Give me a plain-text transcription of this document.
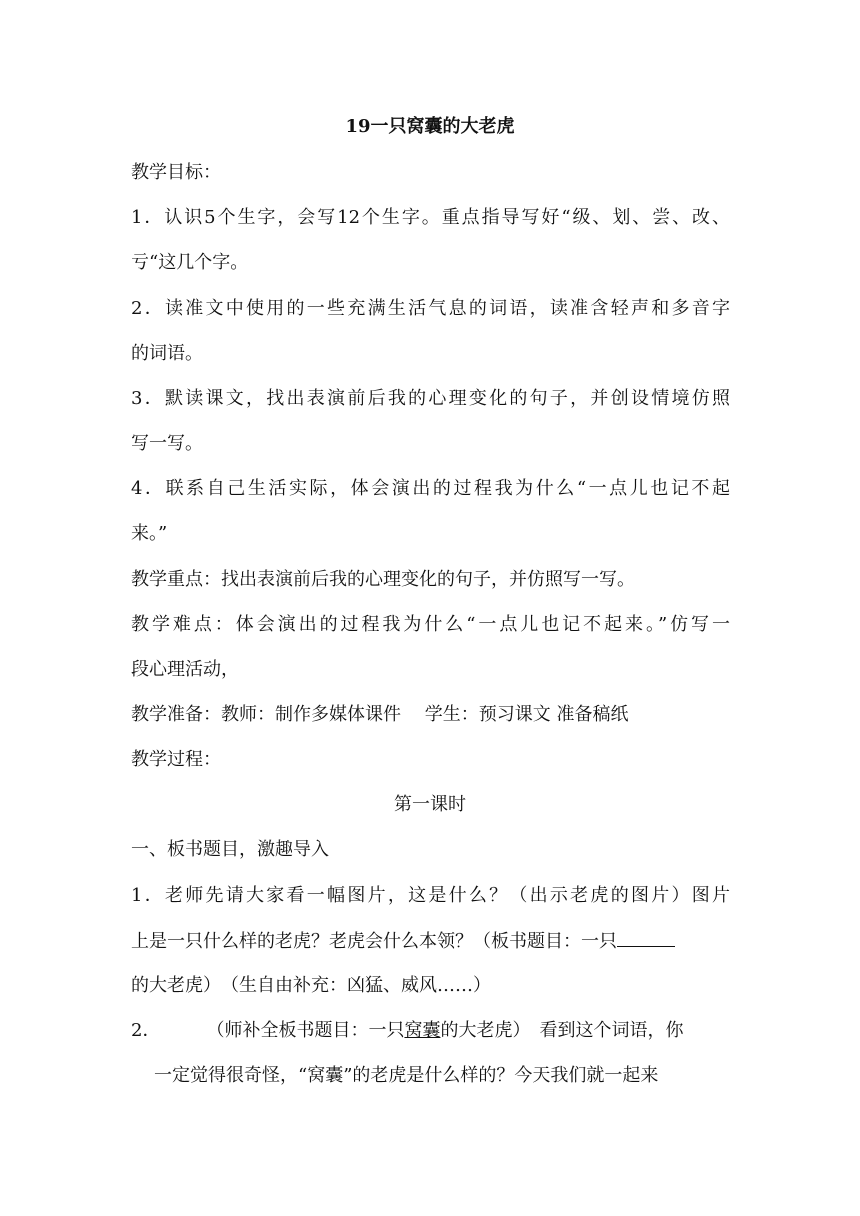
19一只窝囊的大老虎
教学目标：
1．认识5个生字，会写12个生字。重点指导写好“级、划、尝、改、
亏“这几个字。
2．读准文中使用的一些充满生活气息的词语，读准含轻声和多音字
的词语。
3．默读课文，找出表演前后我的心理变化的句子，并创设情境仿照
写一写。
4．联系自己生活实际，体会演出的过程我为什么“一点儿也记不起
来。”
教学重点：找出表演前后我的心理变化的句子，并仿照写一写。
教学难点：体会演出的过程我为什么“一点儿也记不起来。”仿写一
段心理活动，
教学准备：教师：制作多媒体课件　 学生：预习课文 准备稿纸
教学过程：
第一课时
一、板书题目，激趣导入
1．老师先请大家看一幅图片，这是什么？（出示老虎的图片）图片
上是一只什么样的老虎？老虎会什么本领？（板书题目：一只
的大老虎）　（生自由补充：凶猛、威风……）
2．	（师补全板书题目：一只窝囊的大老虎）　看到这个词语，你
一定觉得很奇怪，“窝囊”的老虎是什么样的？今天我们就一起来
